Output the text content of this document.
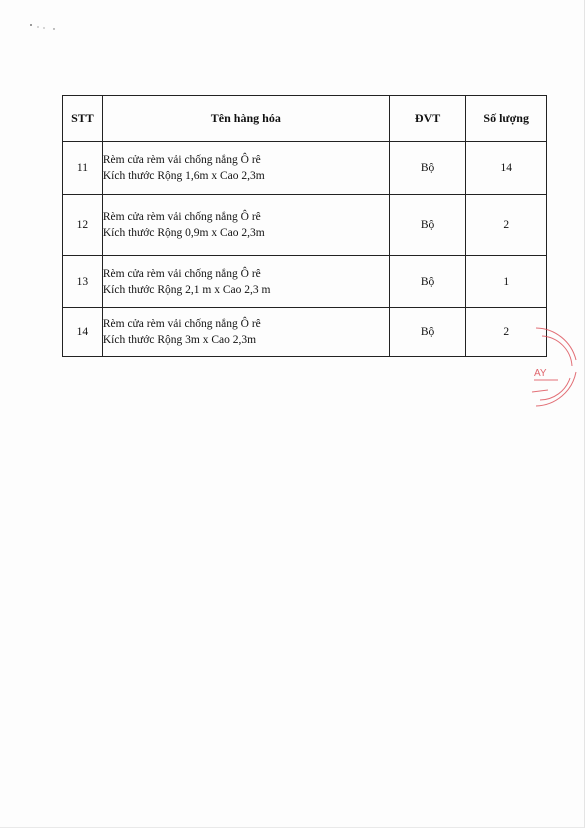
STT	Tên hàng hóa	ĐVT	Số lượng
11	Rèm cửa rèm vải chống nắng Ô rê
Kích thước Rộng 1,6m x Cao 2,3m	Bộ	14
12	Rèm cửa rèm vải chống nắng Ô rê
Kích thước Rộng 0,9m x Cao 2,3m	Bộ	2
13	Rèm cửa rèm vải chống nắng Ô rê
Kích thước Rộng 2,1 m x Cao 2,3 m	Bộ	1
14	Rèm cửa rèm vải chống nắng Ô rê
Kích thước Rộng 3m x Cao 2,3m	Bộ	2
AY
